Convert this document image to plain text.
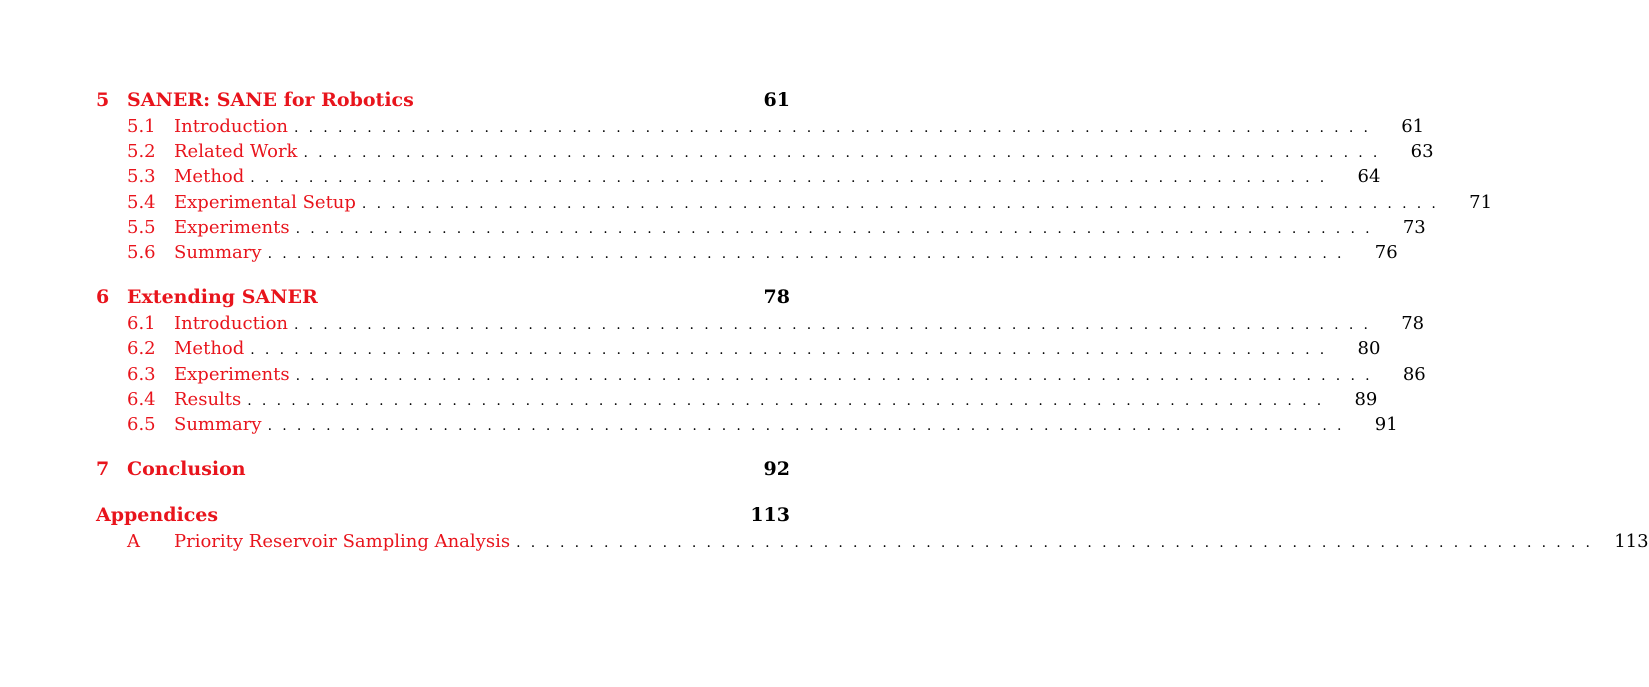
5 SANER: SANE for Robotics	61
5.1	Introduction ..........................................................................	61
5.2	Related Work ..........................................................................	63
5.3	Method ..........................................................................	64
5.4	Experimental Setup ..........................................................................	71
5.5	Experiments ..........................................................................	73
5.6	Summary ..........................................................................	76
6 Extending SANER	78
6.1	Introduction ..........................................................................	78
6.2	Method ..........................................................................	80
6.3	Experiments ..........................................................................	86
6.4	Results ..........................................................................	89
6.5	Summary ..........................................................................	91
7 Conclusion	92
Appendices	113
A	Priority Reservoir Sampling Analysis .......................................................................... 113
